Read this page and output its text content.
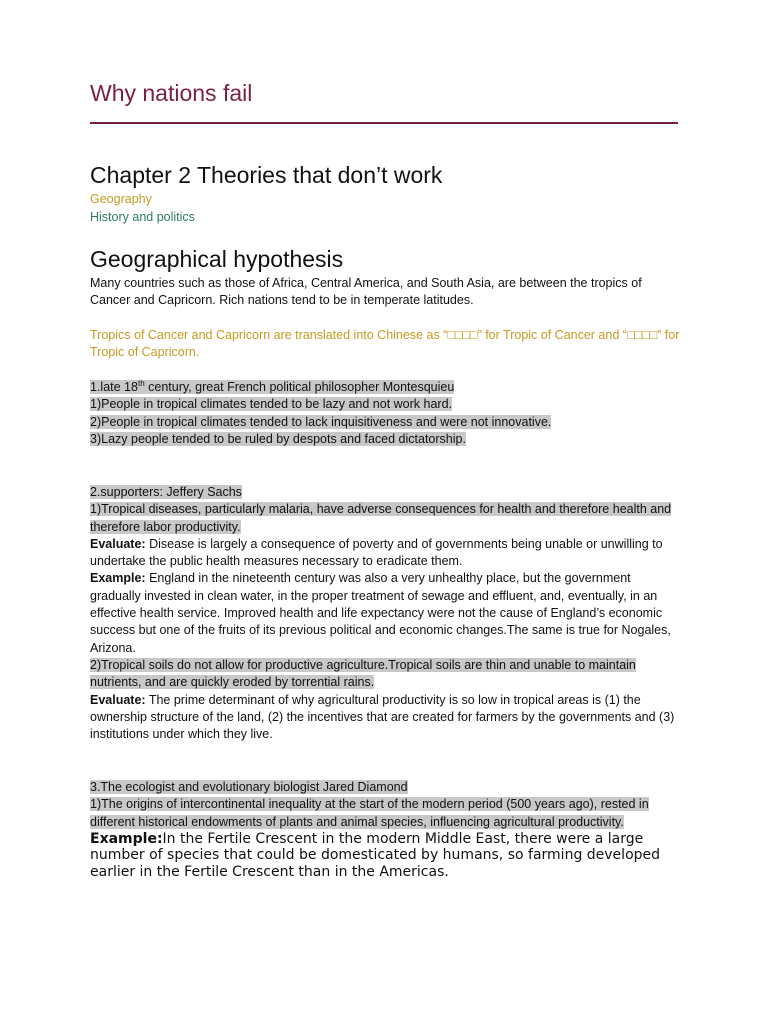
Why nations fail
Chapter 2 Theories that don’t work

Geography

History and politics

Geographical hypothesis

Many countries such as those of Africa, Central America, and South Asia, are between the tropics of Cancer and Capricorn. Rich nations tend to be in temperate latitudes.

Tropics of Cancer and Capricorn are translated into Chinese as “□□□□” for Tropic of Cancer and “□□□□” for Tropic of Capricorn.

1.late 18th century, great French political philosopher Montesquieu

1)People in tropical climates tended to be lazy and not work hard.

2)People in tropical climates tended to lack inquisitiveness and were not innovative.

3)Lazy people tended to be ruled by despots and faced dictatorship.

2.supporters: Jeffery Sachs

1)Tropical diseases, particularly malaria, have adverse consequences for health and therefore health and therefore labor productivity.

Evaluate: Disease is largely a consequence of poverty and of governments being unable or unwilling to undertake the public health measures necessary to eradicate them.

Example: England in the nineteenth century was also a very unhealthy place, but the government gradually invested in clean water, in the proper treatment of sewage and effluent, and, eventually, in an effective health service. Improved health and life expectancy were not the cause of England’s economic success but one of the fruits of its previous political and economic changes.The same is true for Nogales, Arizona.

2)Tropical soils do not allow for productive agriculture.Tropical soils are thin and unable to maintain nutrients, and are quickly eroded by torrential rains.

Evaluate: The prime determinant of why agricultural productivity is so low in tropical areas is (1) the ownership structure of the land, (2) the incentives that are created for farmers by the governments and (3) institutions under which they live.

3.The ecologist and evolutionary biologist Jared Diamond

1)The origins of intercontinental inequality at the start of the modern period (500 years ago), rested in different historical endowments of plants and animal species, influencing agricultural productivity.

Example:In the Fertile Crescent in the modern Middle East, there were a large number of species that could be domesticated by humans, so farming developed earlier in the Fertile Crescent than in the Americas.
